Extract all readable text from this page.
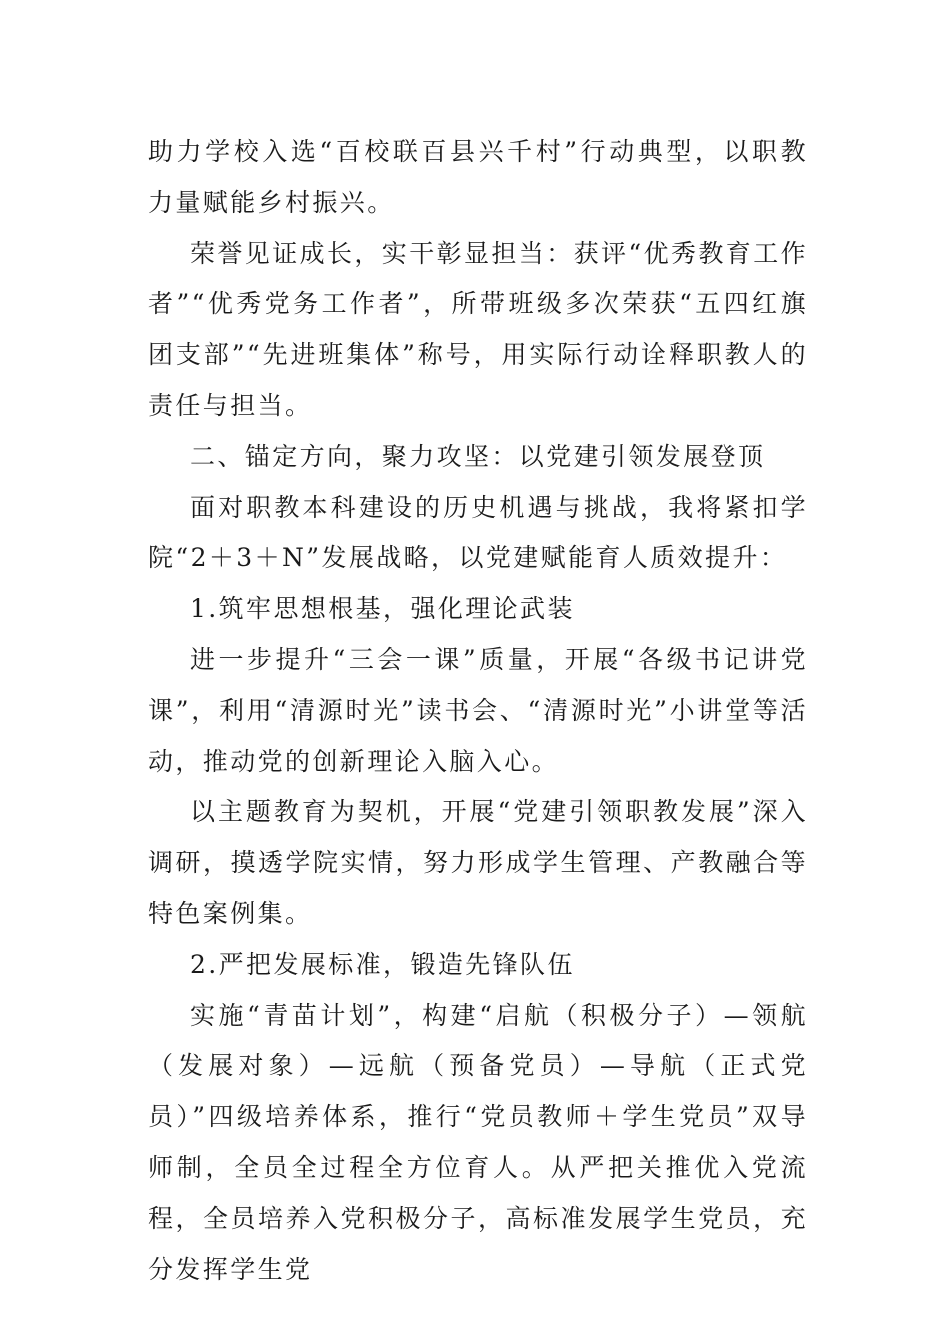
助力学校入选“百校联百县兴千村”行动典型，以职教力量赋能乡村振兴。

荣誉见证成长，实干彰显担当：获评“优秀教育工作者”“优秀党务工作者”，所带班级多次荣获“五四红旗团支部”“先进班集体”称号，用实际行动诠释职教人的责任与担当。

二、锚定方向，聚力攻坚：以党建引领发展登顶

面对职教本科建设的历史机遇与挑战，我将紧扣学院“2＋3＋N”发展战略，以党建赋能育人质效提升：

1.筑牢思想根基，强化理论武装

进一步提升“三会一课”质量，开展“各级书记讲党课”，利用“清源时光”读书会、“清源时光”小讲堂等活动，推动党的创新理论入脑入心。

以主题教育为契机，开展“党建引领职教发展”深入调研，摸透学院实情，努力形成学生管理、产教融合等特色案例集。

2.严把发展标准，锻造先锋队伍

实施“青苗计划”，构建“启航（积极分子）—领航（发展对象）—远航（预备党员）—导航（正式党员）”四级培养体系，推行“党员教师＋学生党员”双导师制，全员全过程全方位育人。从严把关推优入党流程，全员培养入党积极分子，高标准发展学生党员，充分发挥学生党
